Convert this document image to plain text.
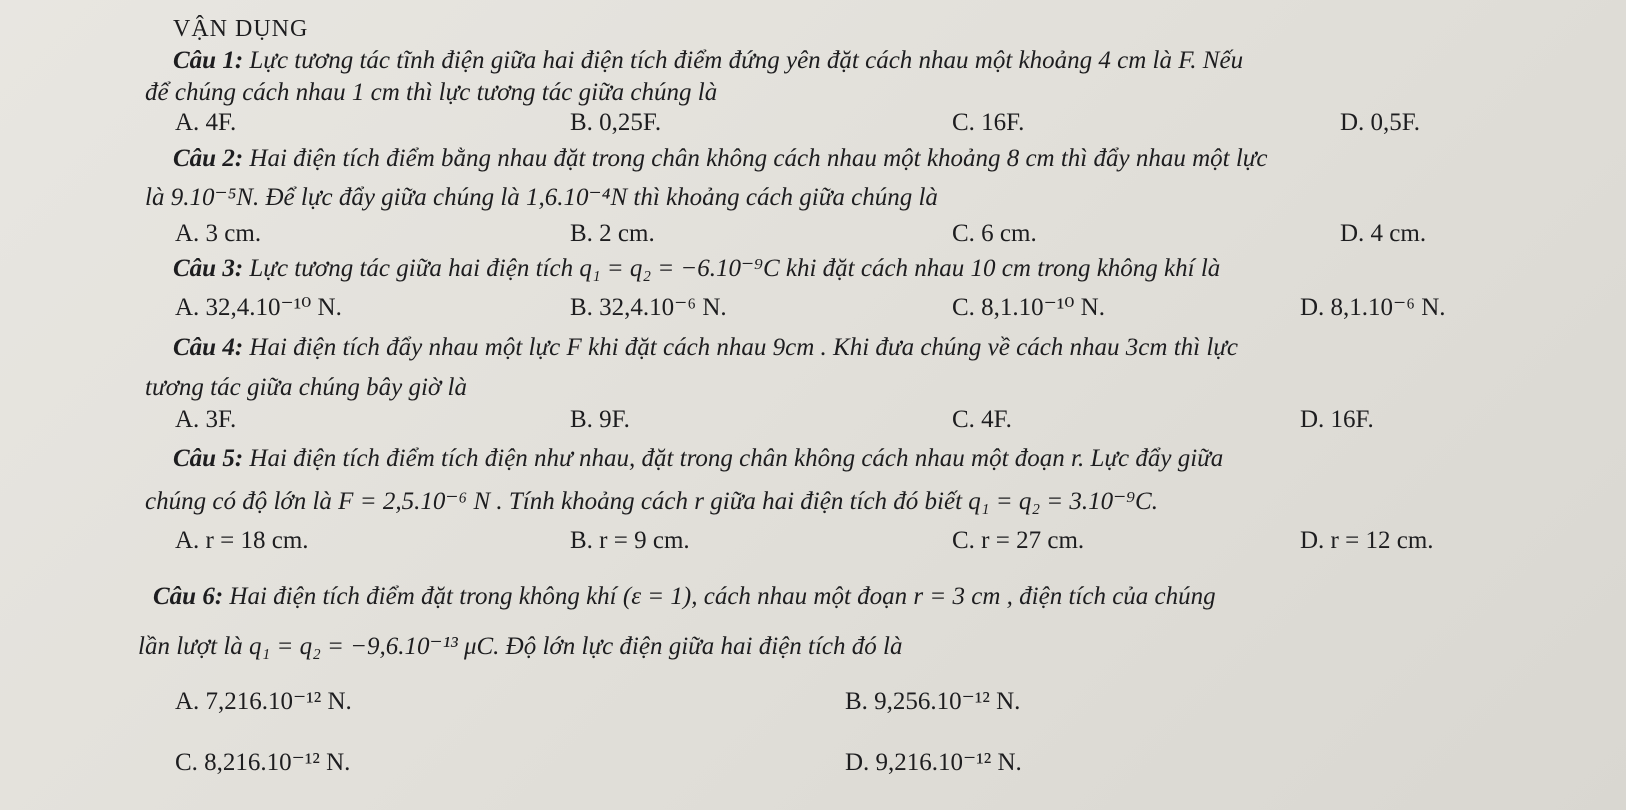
VẬN DỤNG
Câu 1: Lực tương tác tĩnh điện giữa hai điện tích điểm đứng yên đặt cách nhau một khoảng 4 cm là F. Nếu
để chúng cách nhau 1 cm thì lực tương tác giữa chúng là
A. 4F.	B. 0,25F.	C. 16F.	D. 0,5F.
Câu 2: Hai điện tích điểm bằng nhau đặt trong chân không cách nhau một khoảng 8 cm thì đẩy nhau một lực
là 9.10⁻⁵N. Để lực đẩy giữa chúng là 1,6.10⁻⁴N thì khoảng cách giữa chúng là
A. 3 cm.	B. 2 cm.	C. 6 cm.	D. 4 cm.
Câu 3: Lực tương tác giữa hai điện tích q₁ = q₂ = −6.10⁻⁹C khi đặt cách nhau 10 cm trong không khí là
A. 32,4.10⁻¹⁰ N.	B. 32,4.10⁻⁶ N.	C. 8,1.10⁻¹⁰ N.	D. 8,1.10⁻⁶ N.
Câu 4: Hai điện tích đẩy nhau một lực F khi đặt cách nhau 9cm . Khi đưa chúng về cách nhau 3cm thì lực
tương tác giữa chúng bây giờ là
A. 3F.	B. 9F.	C. 4F.	D. 16F.
Câu 5: Hai điện tích điểm tích điện như nhau, đặt trong chân không cách nhau một đoạn r. Lực đẩy giữa
chúng có độ lớn là F = 2,5.10⁻⁶ N . Tính khoảng cách r giữa hai điện tích đó biết q₁ = q₂ = 3.10⁻⁹C.
A. r = 18 cm.	B. r = 9 cm.	C. r = 27 cm.	D. r = 12 cm.
Câu 6: Hai điện tích điểm đặt trong không khí (ε = 1), cách nhau một đoạn r = 3 cm , điện tích của chúng
lần lượt là q₁ = q₂ = −9,6.10⁻¹³ μC. Độ lớn lực điện giữa hai điện tích đó là
A. 7,216.10⁻¹² N.	B. 9,256.10⁻¹² N.
C. 8,216.10⁻¹² N.	D. 9,216.10⁻¹² N.
